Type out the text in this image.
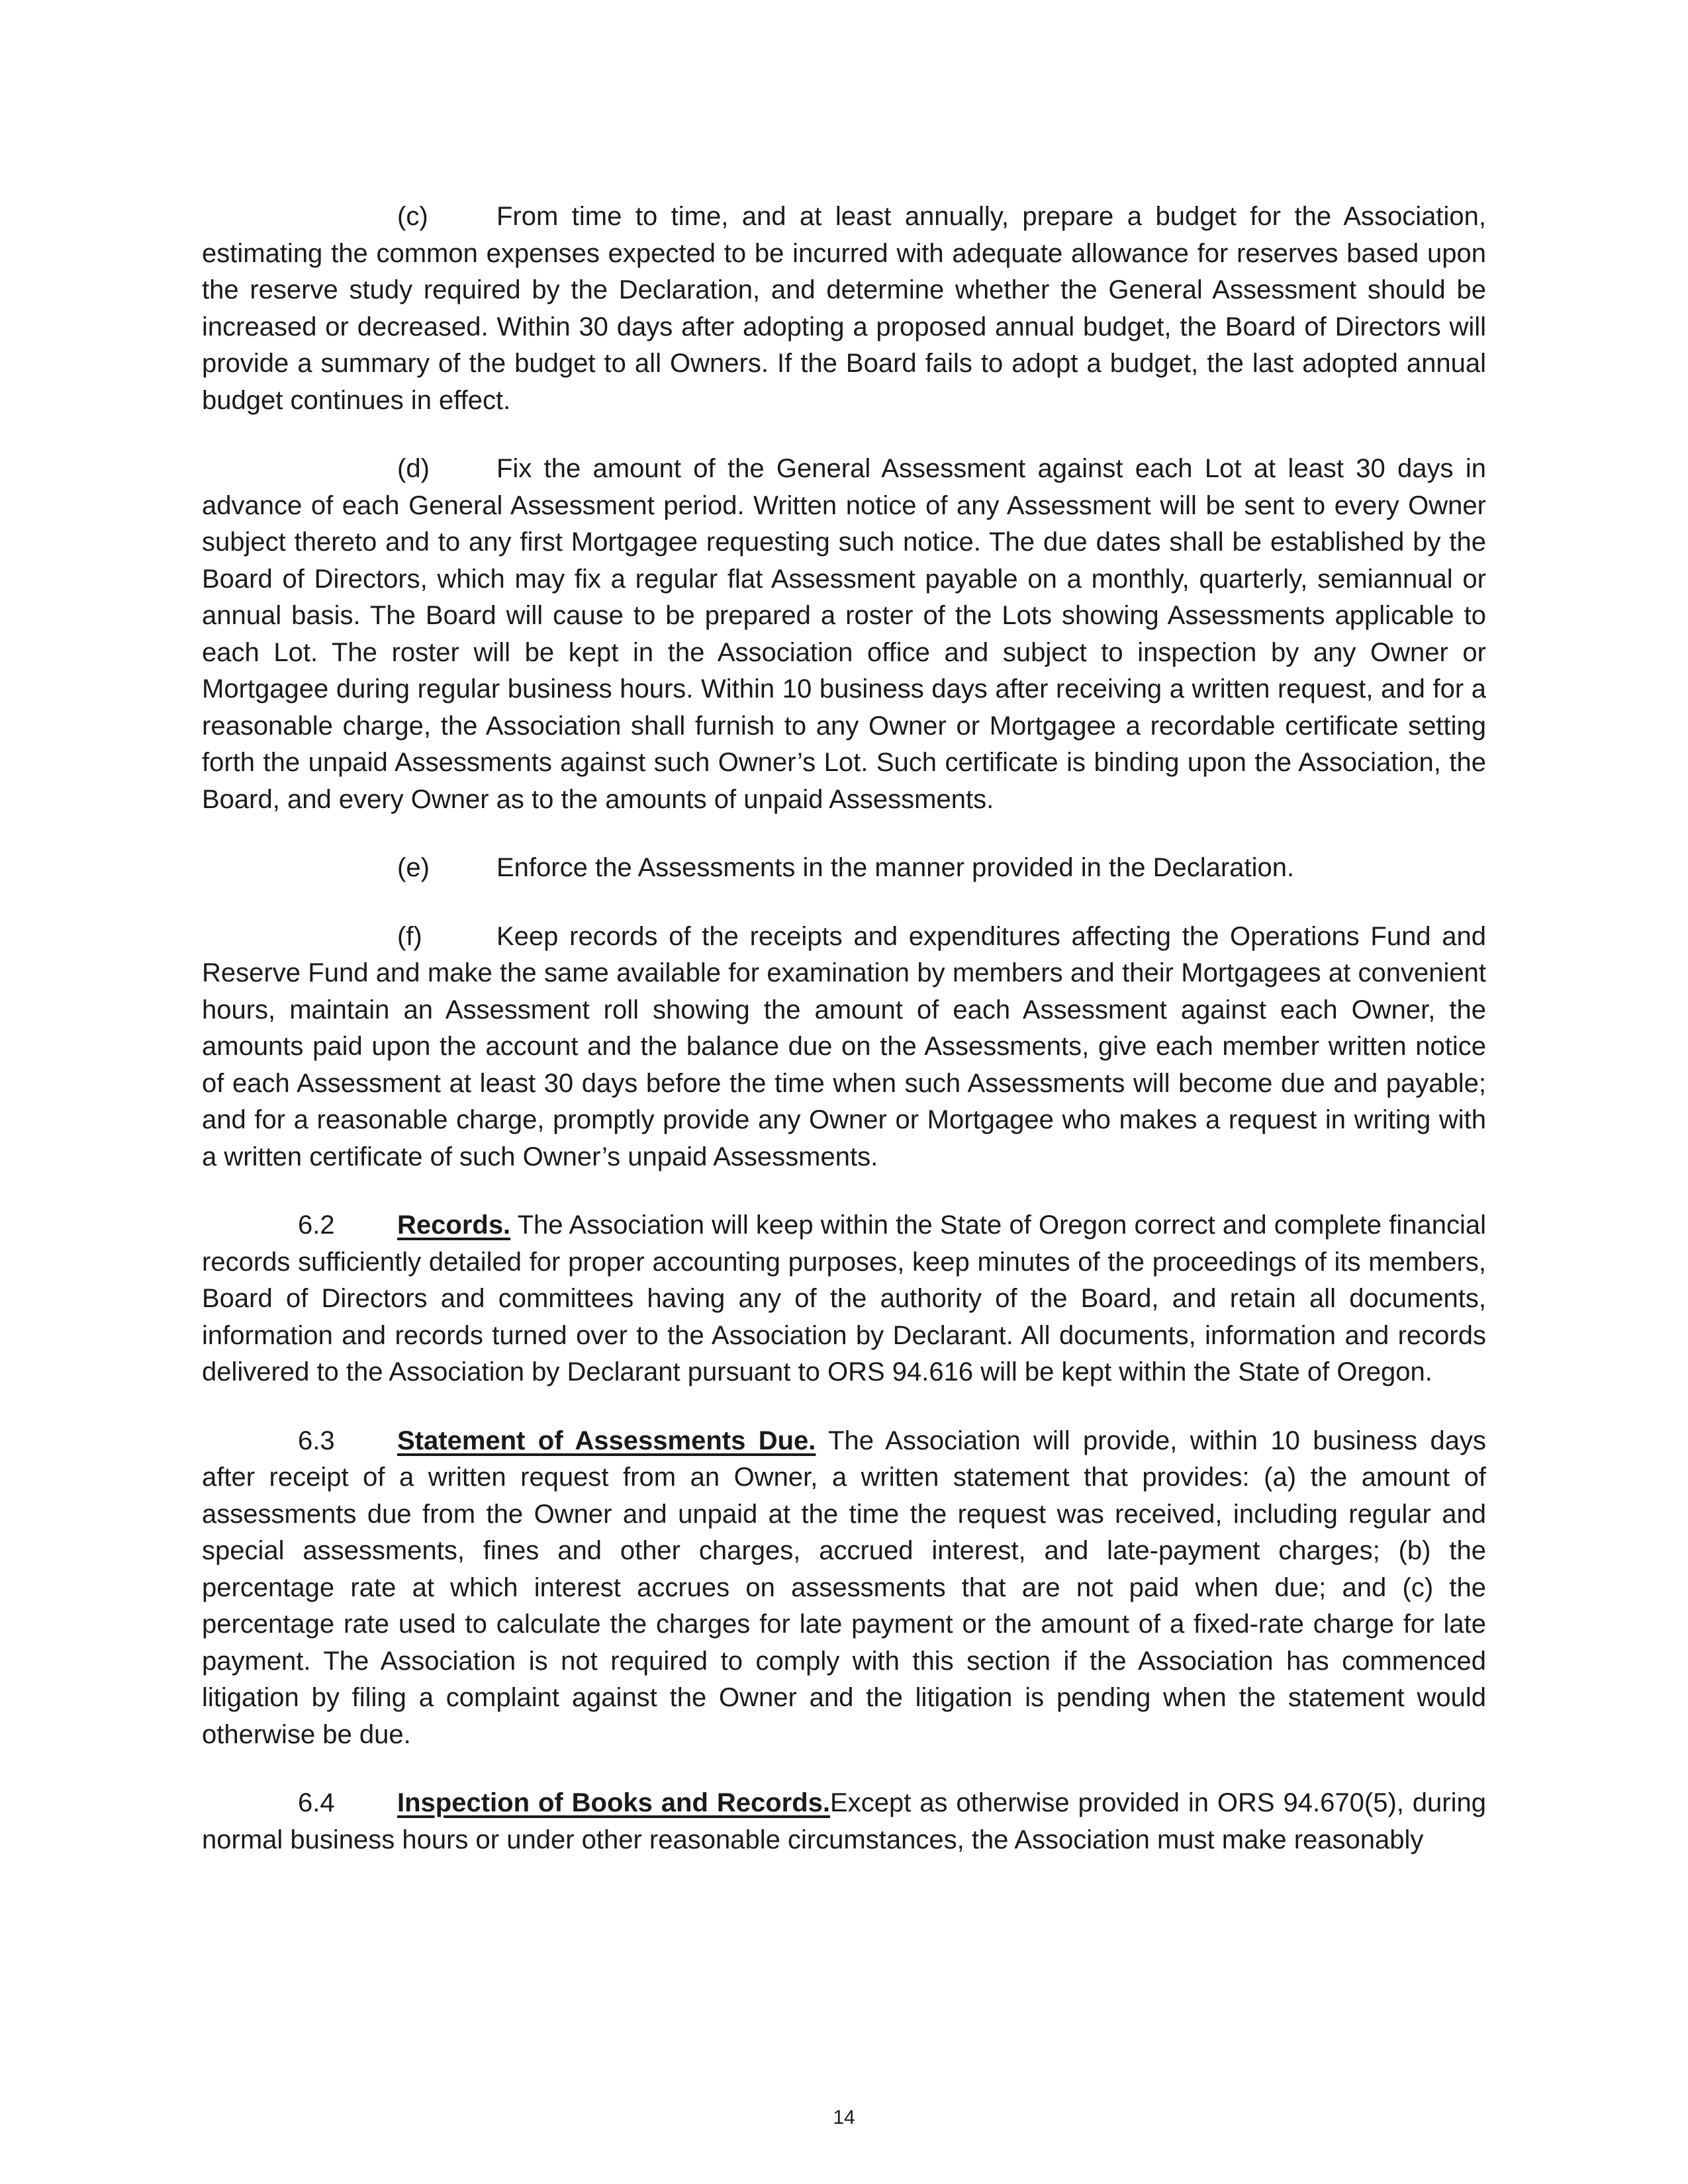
(c)	From time to time, and at least annually, prepare a budget for the Association, estimating the common expenses expected to be incurred with adequate allowance for reserves based upon the reserve study required by the Declaration, and determine whether the General Assessment should be increased or decreased. Within 30 days after adopting a proposed annual budget, the Board of Directors will provide a summary of the budget to all Owners. If the Board fails to adopt a budget, the last adopted annual budget continues in effect.

(d)	Fix the amount of the General Assessment against each Lot at least 30 days in advance of each General Assessment period. Written notice of any Assessment will be sent to every Owner subject thereto and to any first Mortgagee requesting such notice. The due dates shall be established by the Board of Directors, which may fix a regular flat Assessment payable on a monthly, quarterly, semiannual or annual basis. The Board will cause to be prepared a roster of the Lots showing Assessments applicable to each Lot. The roster will be kept in the Association office and subject to inspection by any Owner or Mortgagee during regular business hours. Within 10 business days after receiving a written request, and for a reasonable charge, the Association shall furnish to any Owner or Mortgagee a recordable certificate setting forth the unpaid Assessments against such Owner’s Lot. Such certificate is binding upon the Association, the Board, and every Owner as to the amounts of unpaid Assessments.

(e)	Enforce the Assessments in the manner provided in the Declaration.

(f)	Keep records of the receipts and expenditures affecting the Operations Fund and Reserve Fund and make the same available for examination by members and their Mortgagees at convenient hours, maintain an Assessment roll showing the amount of each Assessment against each Owner, the amounts paid upon the account and the balance due on the Assessments, give each member written notice of each Assessment at least 30 days before the time when such Assessments will become due and payable; and for a reasonable charge, promptly provide any Owner or Mortgagee who makes a request in writing with a written certificate of such Owner’s unpaid Assessments.

6.2 Records. The Association will keep within the State of Oregon correct and complete financial records sufficiently detailed for proper accounting purposes, keep minutes of the proceedings of its members, Board of Directors and committees having any of the authority of the Board, and retain all documents, information and records turned over to the Association by Declarant. All documents, information and records delivered to the Association by Declarant pursuant to ORS 94.616 will be kept within the State of Oregon.

6.3 Statement of Assessments Due. The Association will provide, within 10 business days after receipt of a written request from an Owner, a written statement that provides: (a) the amount of assessments due from the Owner and unpaid at the time the request was received, including regular and special assessments, fines and other charges, accrued interest, and late-payment charges; (b) the percentage rate at which interest accrues on assessments that are not paid when due; and (c) the percentage rate used to calculate the charges for late payment or the amount of a fixed-rate charge for late payment. The Association is not required to comply with this section if the Association has commenced litigation by filing a complaint against the Owner and the litigation is pending when the statement would otherwise be due.

6.4 Inspection of Books and Records.Except as otherwise provided in ORS 94.670(5), during normal business hours or under other reasonable circumstances, the Association must make reasonably

14
